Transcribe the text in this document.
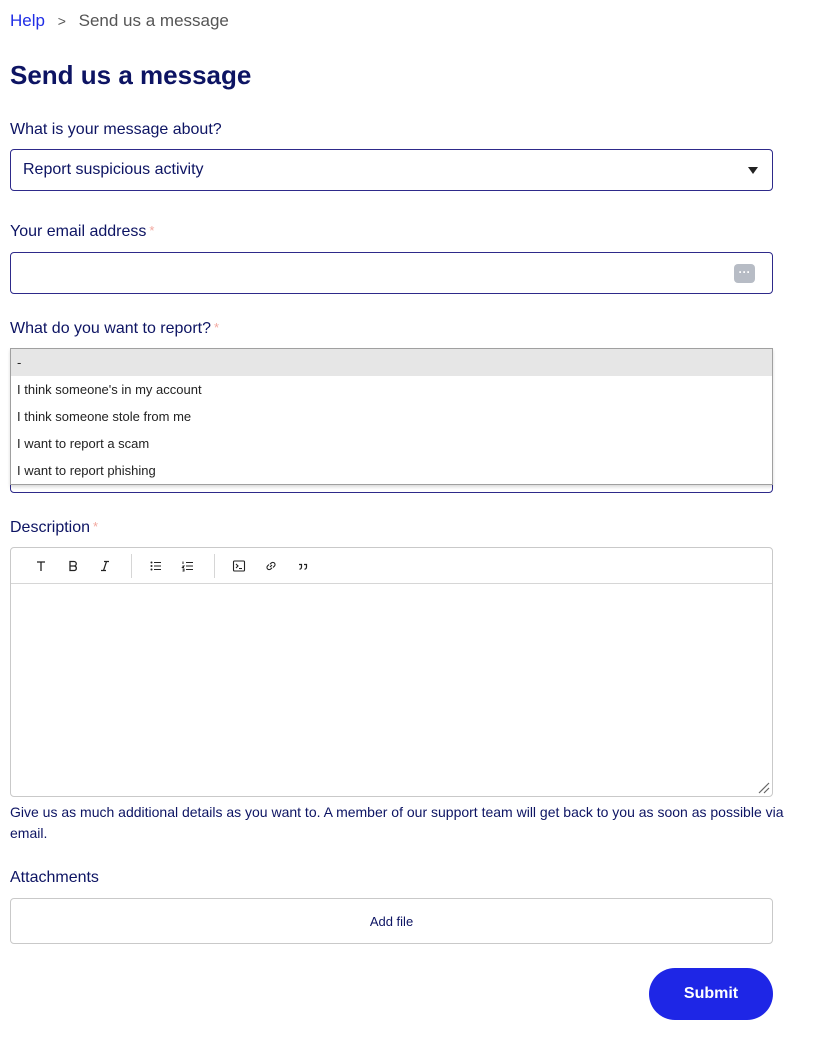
Help > Send us a message
Send us a message
What is your message about?
Report suspicious activity
Your email address *
···
What do you want to report? *
-
I think someone's in my account
I think someone stole from me
I want to report a scam
I want to report phishing
Description *
Give us as much additional details as you want to. A member of our support team will get back to you as soon as possible via email.
Attachments
Add file
Submit
